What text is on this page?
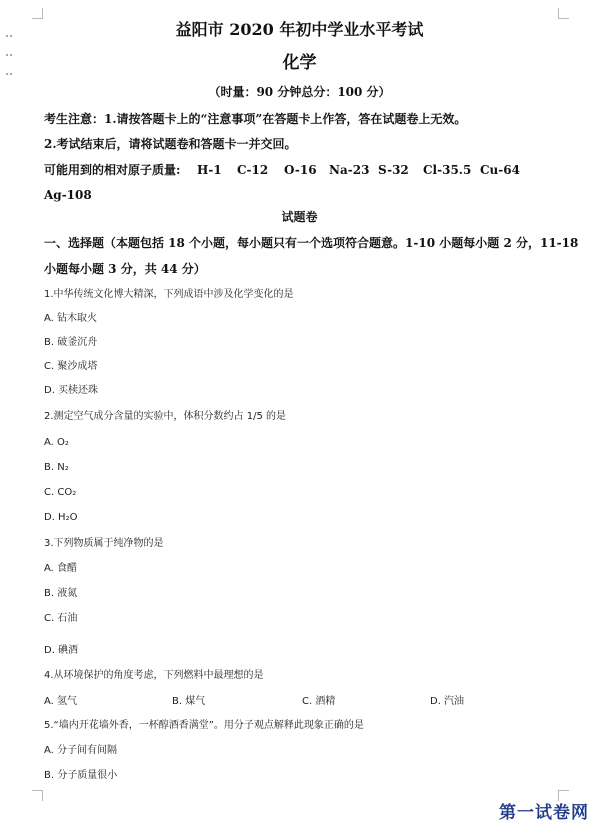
益阳市 2020 年初中学业水平考试
化学
（时量：90 分钟总分：100 分）
考生注意：1.请按答题卡上的“注意事项”在答题卡上作答，答在试题卷上无效。
2.考试结束后，请将试题卷和答题卡一并交回。
可能用到的相对原子质量: H-1 C-12 O-16 Na-23 S-32 Cl-35.5 Cu-64
Ag-108
试题卷
一、选择题（本题包括 18 个小题，每小题只有一个选项符合题意。1-10 小题每小题 2 分，11-18
小题每小题 3 分，共 44 分）
1.中华传统文化博大精深，下列成语中涉及化学变化的是
A. 钻木取火
B. 破釜沉舟
C. 聚沙成塔
D. 买椟还珠
2.测定空气成分含量的实验中，体积分数约占 1/5 的是
A. O₂
B. N₂
C. CO₂
D. H₂O
3.下列物质属于纯净物的是
A. 食醋
B. 液氮
C. 石油
D. 碘酒
4.从环境保护的角度考虑，下列燃料中最理想的是
A. 氢气	B. 煤气	C. 酒精	D. 汽油
5.“墙内开花墙外香，一杯醇酒香满堂”。用分子观点解释此现象正确的是
A. 分子间有间隔
B. 分子质量很小
第一试卷网
